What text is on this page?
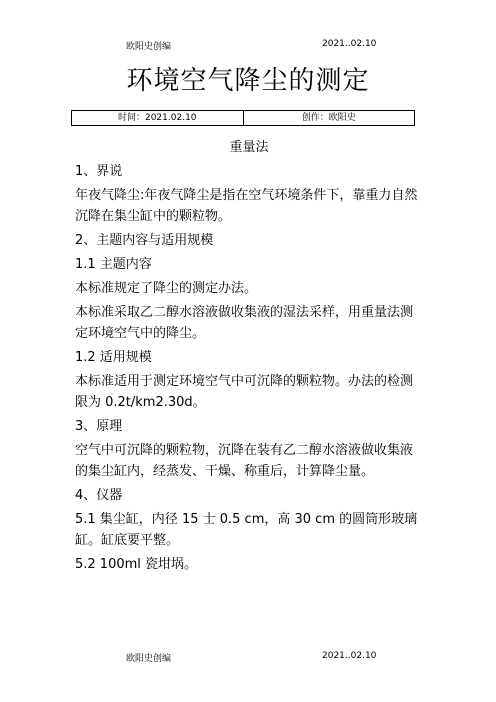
欧阳史创编	2021..02.10
环境空气降尘的测定
时间：2021.02.10	创作：欧阳史

重量法

1、界说

年夜气降尘:年夜气降尘是指在空气环境条件下，靠重力自然沉降在集尘缸中的颗粒物。

2、主题内容与适用规模

1.1 主题内容

本标准规定了降尘的测定办法。

本标准采取乙二醇水溶液做收集液的湿法采样，用重量法测定环境空气中的降尘。

1.2 适用规模

本标准适用于测定环境空气中可沉降的颗粒物。办法的检测限为 0.2t/km2.30d。

3、原理

空气中可沉降的颗粒物，沉降在装有乙二醇水溶液做收集液的集尘缸内，经蒸发、干燥、称重后，计算降尘量。

4、仪器

5.1 集尘缸，内径 15 士 0.5 cm，高 30 cm 的圆筒形玻璃缸。缸底要平整。

5.2 100ml 瓷坩埚。

欧阳史创编	2021..02.10
